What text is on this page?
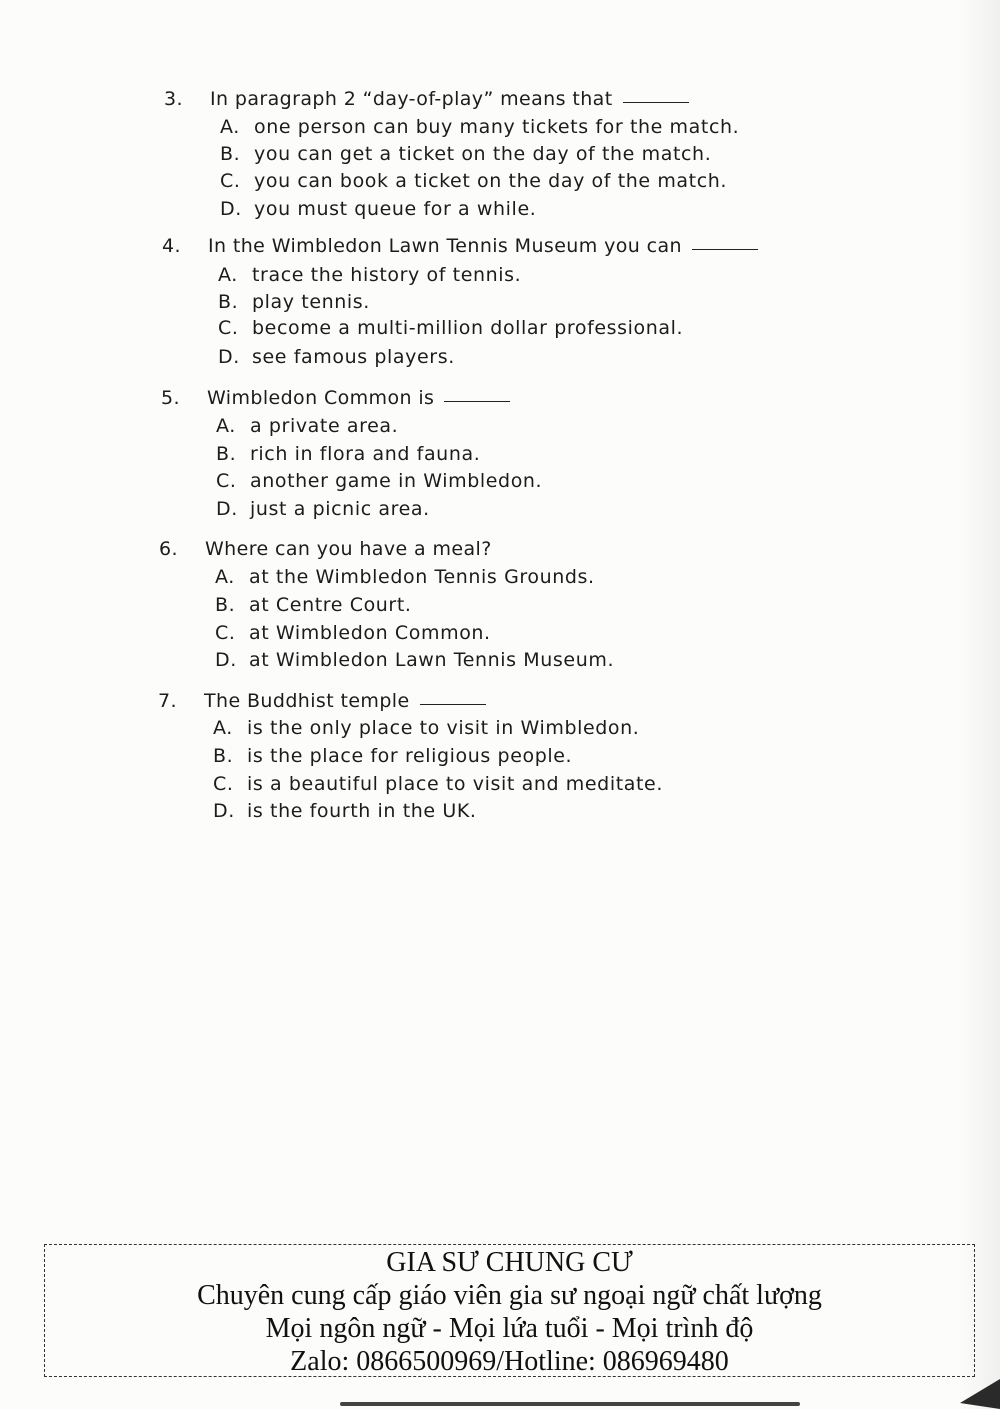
3. In paragraph 2 “day-of-play” means that
A. one person can buy many tickets for the match.
B. you can get a ticket on the day of the match.
C. you can book a ticket on the day of the match.
D. you must queue for a while.
4. In the Wimbledon Lawn Tennis Museum you can
A. trace the history of tennis.
B. play tennis.
C. become a multi-million dollar professional.
D. see famous players.
5. Wimbledon Common is
A. a private area.
B. rich in flora and fauna.
C. another game in Wimbledon.
D. just a picnic area.
6. Where can you have a meal?
A. at the Wimbledon Tennis Grounds.
B. at Centre Court.
C. at Wimbledon Common.
D. at Wimbledon Lawn Tennis Museum.
7. The Buddhist temple
A. is the only place to visit in Wimbledon.
B. is the place for religious people.
C. is a beautiful place to visit and meditate.
D. is the fourth in the UK.
GIA SƯ CHUNG CƯ
Chuyên cung cấp giáo viên gia sư ngoại ngữ chất lượng
Mọi ngôn ngữ - Mọi lứa tuổi - Mọi trình độ
Zalo: 0866500969/Hotline: 086969480
